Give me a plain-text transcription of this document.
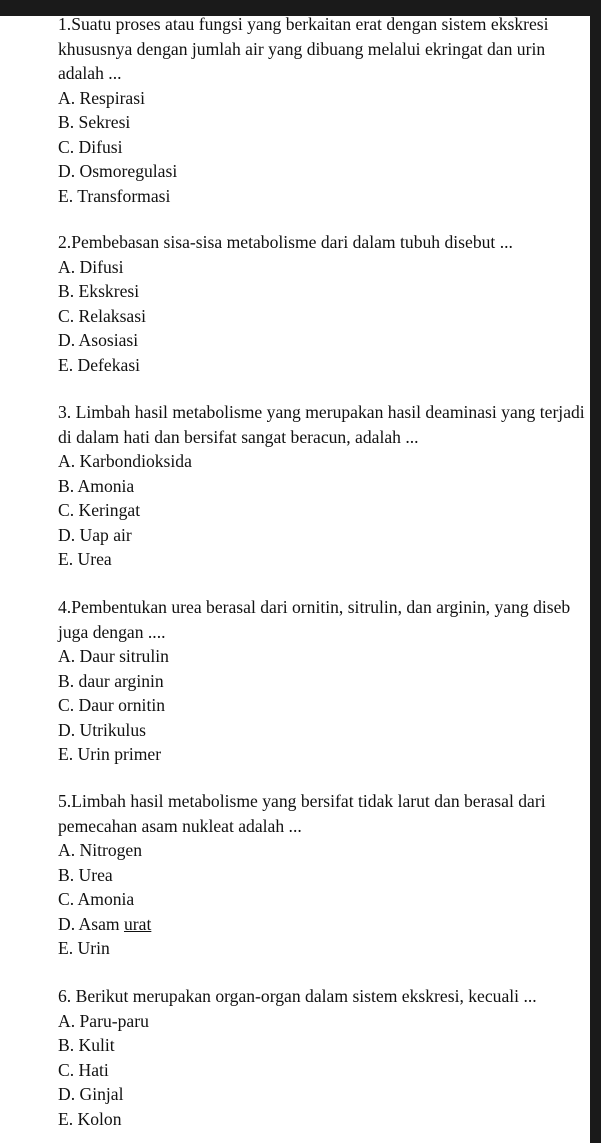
1.Suatu proses atau fungsi yang berkaitan erat dengan sistem ekskresi khususnya dengan jumlah air yang dibuang melalui ekringat dan urin adalah ...

A. Respirasi
B. Sekresi
C. Difusi
D. Osmoregulasi
E. Transformasi

2.Pembebasan sisa-sisa metabolisme dari dalam tubuh disebut ...

A. Difusi
B. Ekskresi
C. Relaksasi
D. Asosiasi
E. Defekasi

3. Limbah hasil metabolisme yang merupakan hasil deaminasi yang terjadi di dalam hati dan bersifat sangat beracun, adalah ...

A. Karbondioksida
B. Amonia
C. Keringat
D. Uap air
E. Urea

4.Pembentukan urea berasal dari ornitin, sitrulin, dan arginin, yang diseb

juga dengan ....

A. Daur sitrulin
B. daur arginin
C. Daur ornitin
D. Utrikulus
E. Urin primer

5.Limbah hasil metabolisme yang bersifat tidak larut dan berasal dari pemecahan asam nukleat adalah ...

A. Nitrogen
B. Urea
C. Amonia
D. Asam urat
E. Urin

6. Berikut merupakan organ-organ dalam sistem ekskresi, kecuali ...

A. Paru-paru
B. Kulit
C. Hati
D. Ginjal
E. Kolon
